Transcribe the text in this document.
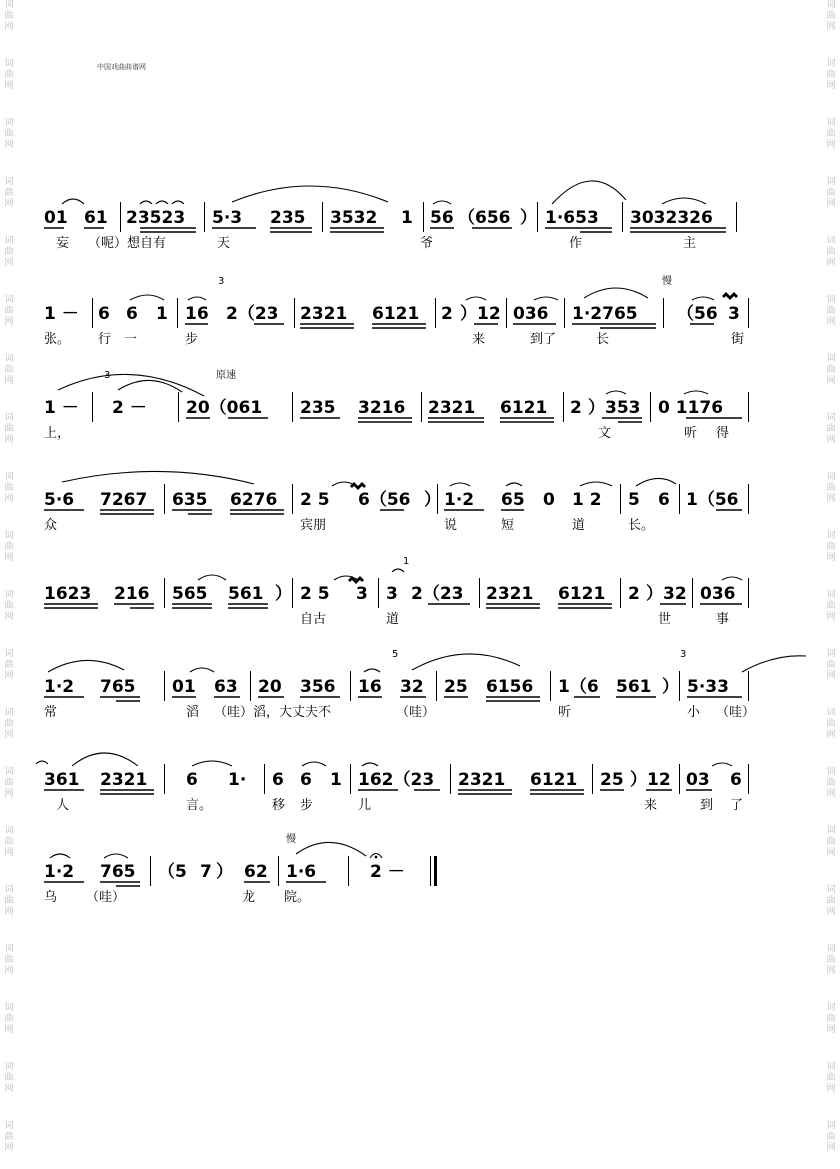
词
曲
网
词
曲
网
词
曲
网
词
曲
网
词
曲
网
词
曲
网
词
曲
网
词
曲
网
词
曲
网
词
曲
网
词
曲
网
词
曲
网
词
曲
网
词
曲
网
词
曲
网
词
曲
网
词
曲
网
词
曲
网
词
曲
网
词
曲
网
词
曲
网
词
曲
网
词
曲
网
词
曲
网
词
曲
网
词
曲
网
词
曲
网
词
曲
网
词
曲
网
词
曲
网
词
曲
网
词
曲
网
词
曲
网
词
曲
网
词
曲
网
词
曲
网
词
曲
网
词
曲
网
词
曲
网
词
曲
网
中国戏曲曲谱网
01 61 23523 5·3 235 3532 1 56 （656 ） 1·653 3032326
妄 （呢）想自有	天	爷	作	主
1 － 6 6 1 16
3
2（23 2321 6121 2 ）12 036 1·2765
慢
（56 3
张。 行 一	步	来	到了	长	街
1 －
3
2 －
原速
20（061 235 3216 2321 6121 2 ）353 0 1176
上，	文	听 得
5·6 7267 635 6276 2 5 6（56 ） 1·2 65 0 1 2 5 6 1（56
众	宾朋	说	短	道	长。
1623 216 565 561 ） 2 5 3 3
1
2（23 2321 6121 2 ）32 036
自古	道	世	事
1·2 765 01 63 20 356 16
5
32 25 6156 1（6 561 ）
3
5·33
常	滔 （哇）滔，大丈夫不	（哇）	听	小 （哇）
361 2321 6 1· 6 6 1 162（23 2321 6121 25 ）12 03 6
人	言。	移 步	儿	来	到 了
1·2 765 （5 7 ） 62
慢
1·6	2 －
乌 （哇）	龙 院。
